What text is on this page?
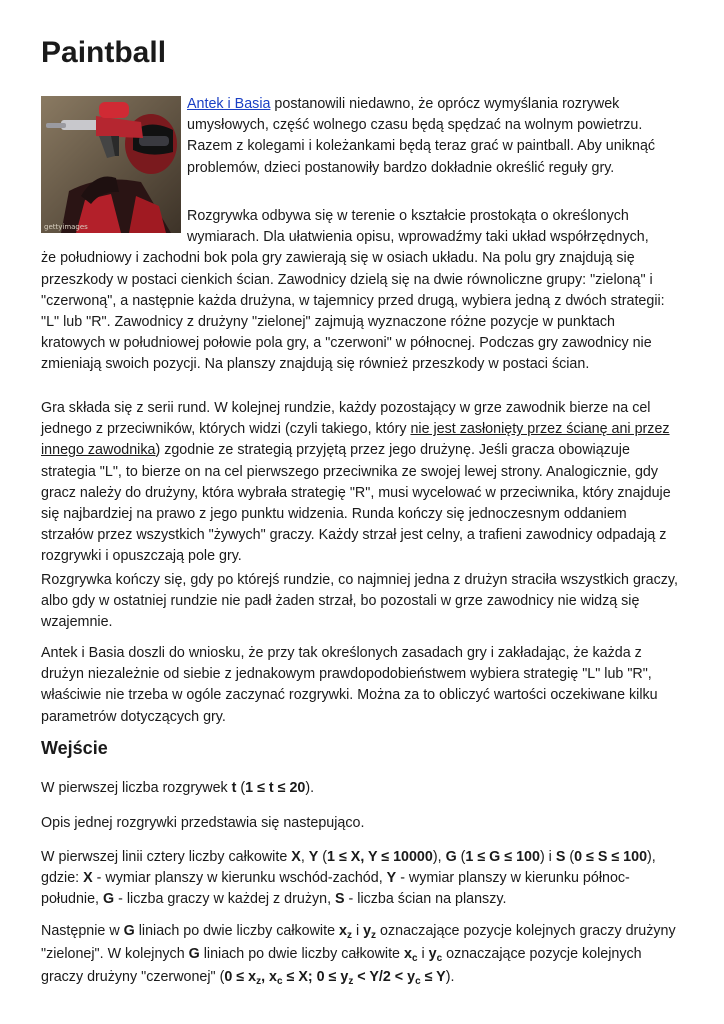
Paintball
gettyimages

Antek i Basia postanowili niedawno, że oprócz wymyślania rozrywek umysłowych, część wolnego czasu będą spędzać na wolnym powietrzu. Razem z kolegami i koleżankami będą teraz grać w paintball. Aby uniknąć problemów, dzieci postanowiły bardzo dokładnie określić reguły gry.

Rozgrywka odbywa się w terenie o kształcie prostokąta o określonych wymiarach. Dla ułatwienia opisu, wprowadźmy taki układ współrzędnych,
że południowy i zachodni bok pola gry zawierają się w osiach układu. Na polu gry znajdują się przeszkody w postaci cienkich ścian. Zawodnicy dzielą się na dwie równoliczne grupy: "zieloną" i "czerwoną", a następnie każda drużyna, w tajemnicy przed drugą, wybiera jedną z dwóch strategii: "L" lub "R". Zawodnicy z drużyny "zielonej" zajmują wyznaczone różne pozycje w punktach kratowych w południowej połowie pola gry, a "czerwoni" w północnej. Podczas gry zawodnicy nie zmieniają swoich pozycji. Na planszy znajdują się również przeszkody w postaci ścian.

Gra składa się z serii rund. W kolejnej rundzie, każdy pozostający w grze zawodnik bierze na cel jednego z przeciwników, których widzi (czyli takiego, który nie jest zasłonięty przez ścianę ani przez innego zawodnika) zgodnie ze strategią przyjętą przez jego drużynę. Jeśli gracza obowiązuje strategia "L", to bierze on na cel pierwszego przeciwnika ze swojej lewej strony. Analogicznie, gdy gracz należy do drużyny, która wybrała strategię "R", musi wycelować w przeciwnika, który znajduje się najbardziej na prawo z jego punktu widzenia. Runda kończy się jednoczesnym oddaniem strzałów przez wszystkich "żywych" graczy. Każdy strzał jest celny, a trafieni zawodnicy odpadają z rozgrywki i opuszczają pole gry.

Rozgrywka kończy się, gdy po którejś rundzie, co najmniej jedna z drużyn straciła wszystkich graczy, albo gdy w ostatniej rundzie nie padł żaden strzał, bo pozostali w grze zawodnicy nie widzą się wzajemnie.

Antek i Basia doszli do wniosku, że przy tak określonych zasadach gry i zakładając, że każda z drużyn niezależnie od siebie z jednakowym prawdopodobieństwem wybiera strategię "L" lub "R", właściwie nie trzeba w ogóle zaczynać rozgrywki. Można za to obliczyć wartości oczekiwane kilku parametrów dotyczących gry.

Wejście

W pierwszej liczba rozgrywek t (1 ≤ t ≤ 20).

Opis jednej rozgrywki przedstawia się nastepująco.

W pierwszej linii cztery liczby całkowite X, Y (1 ≤ X, Y ≤ 10000), G (1 ≤ G ≤ 100) i S (0 ≤ S ≤ 100), gdzie: X - wymiar planszy w kierunku wschód-zachód, Y - wymiar planszy w kierunku północ-południe, G - liczba graczy w każdej z drużyn, S - liczba ścian na planszy.

Następnie w G liniach po dwie liczby całkowite $x_z$ i $y_z$ oznaczające pozycje kolejnych graczy drużyny "zielonej". W kolejnych G liniach po dwie liczby całkowite $x_c$ i $y_c$ oznaczające pozycje kolejnych graczy drużyny "czerwonej" ($0 \le x_z$, $x_c \le X$; $0 \le y_z < Y/2 < y_c \le Y$).
